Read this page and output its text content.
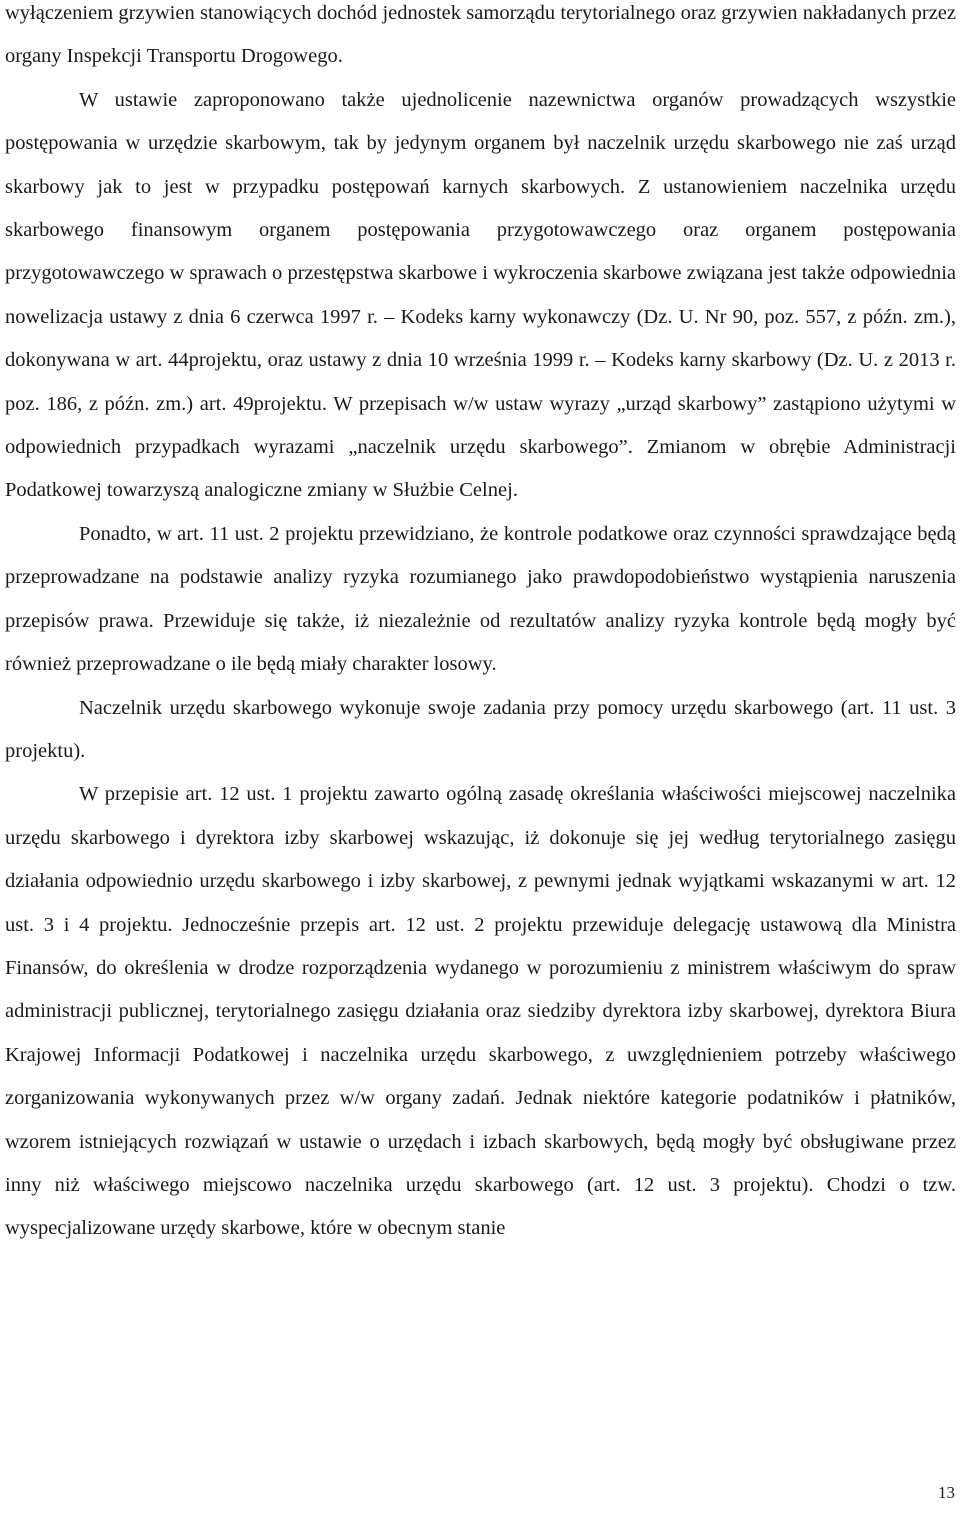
wyłączeniem grzywien stanowiących dochód jednostek samorządu terytorialnego oraz grzywien nakładanych przez organy Inspekcji Transportu Drogowego.

W ustawie zaproponowano także ujednolicenie nazewnictwa organów prowadzących wszystkie postępowania w urzędzie skarbowym, tak by jedynym organem był naczelnik urzędu skarbowego nie zaś urząd skarbowy jak to jest w przypadku postępowań karnych skarbowych. Z ustanowieniem naczelnika urzędu skarbowego finansowym organem postępowania przygotowawczego oraz organem postępowania przygotowawczego w sprawach o przestępstwa skarbowe i wykroczenia skarbowe związana jest także odpowiednia nowelizacja ustawy z dnia 6 czerwca 1997 r. – Kodeks karny wykonawczy (Dz. U. Nr 90, poz. 557, z późn. zm.), dokonywana w art. 44projektu, oraz ustawy z dnia 10 września 1999 r. – Kodeks karny skarbowy (Dz. U. z 2013 r. poz. 186, z późn. zm.) art. 49projektu. W przepisach w/w ustaw wyrazy „urząd skarbowy” zastąpiono użytymi w odpowiednich przypadkach wyrazami „naczelnik urzędu skarbowego”. Zmianom w obrębie Administracji Podatkowej towarzyszą analogiczne zmiany w Służbie Celnej.

Ponadto, w art. 11 ust. 2 projektu przewidziano, że kontrole podatkowe oraz czynności sprawdzające będą przeprowadzane na podstawie analizy ryzyka rozumianego jako prawdopodobieństwo wystąpienia naruszenia przepisów prawa. Przewiduje się także, iż niezależnie od rezultatów analizy ryzyka kontrole będą mogły być również przeprowadzane o ile będą miały charakter losowy.

Naczelnik urzędu skarbowego wykonuje swoje zadania przy pomocy urzędu skarbowego (art. 11 ust. 3 projektu).

W przepisie art. 12 ust. 1 projektu zawarto ogólną zasadę określania właściwości miejscowej naczelnika urzędu skarbowego i dyrektora izby skarbowej wskazując, iż dokonuje się jej według terytorialnego zasięgu działania odpowiednio urzędu skarbowego i izby skarbowej, z pewnymi jednak wyjątkami wskazanymi w art. 12 ust. 3 i 4 projektu. Jednocześnie przepis art. 12 ust. 2 projektu przewiduje delegację ustawową dla Ministra Finansów, do określenia w drodze rozporządzenia wydanego w porozumieniu z ministrem właściwym do spraw administracji publicznej, terytorialnego zasięgu działania oraz siedziby dyrektora izby skarbowej, dyrektora Biura Krajowej Informacji Podatkowej i naczelnika urzędu skarbowego, z uwzględnieniem potrzeby właściwego zorganizowania wykonywanych przez w/w organy zadań. Jednak niektóre kategorie podatników i płatników, wzorem istniejących rozwiązań w ustawie o urzędach i izbach skarbowych, będą mogły być obsługiwane przez inny niż właściwego miejscowo naczelnika urzędu skarbowego (art. 12 ust. 3 projektu). Chodzi o tzw. wyspecjalizowane urzędy skarbowe, które w obecnym stanie

13
